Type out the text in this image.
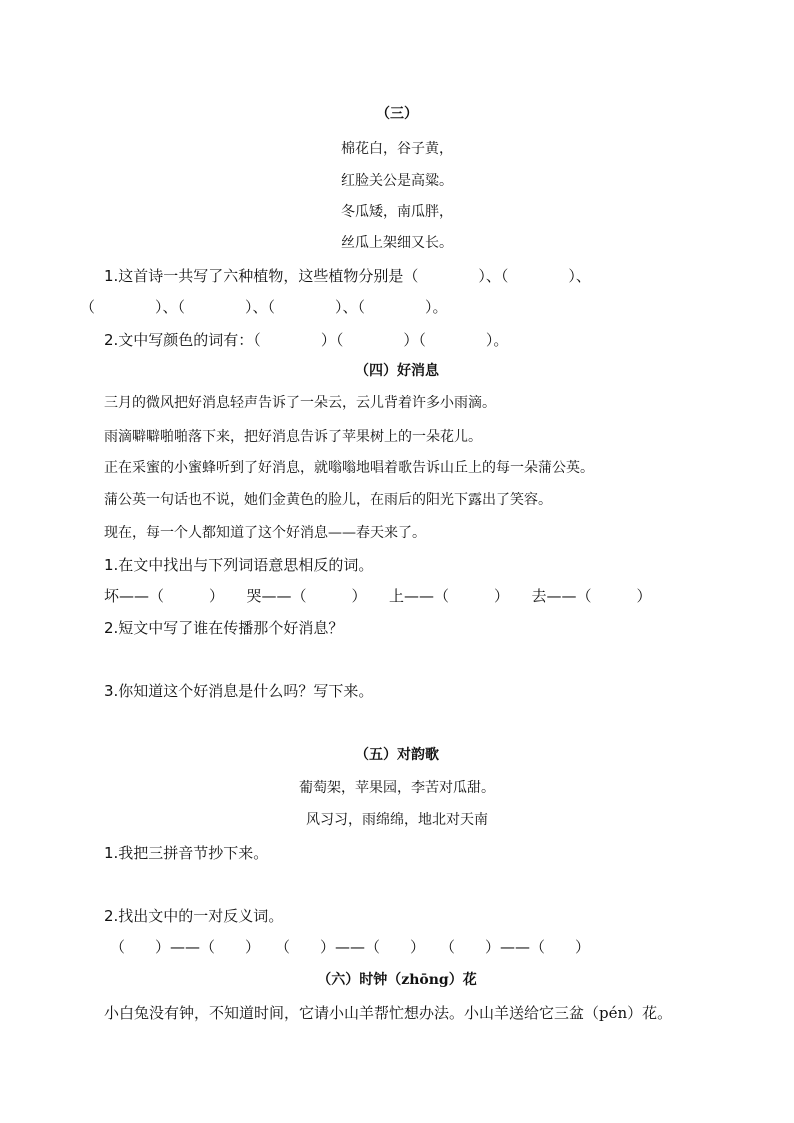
（三）
棉花白，谷子黄，
红脸关公是高粱。
冬瓜矮，南瓜胖，
丝瓜上架细又长。
1.这首诗一共写了六种植物，这些植物分别是（　　　　）、（　　　　）、
（　　　　）、（　　　　）、（　　　　）、（　　　　）。
2.文中写颜色的词有：（　　　　）（　　　　）（　　　　）。
（四）好消息
三月的微风把好消息轻声告诉了一朵云，云儿背着许多小雨滴。
雨滴噼噼啪啪落下来，把好消息告诉了苹果树上的一朵花儿。
正在采蜜的小蜜蜂听到了好消息，就嗡嗡地唱着歌告诉山丘上的每一朵蒲公英。
蒲公英一句话也不说，她们金黄色的脸儿，在雨后的阳光下露出了笑容。
现在，每一个人都知道了这个好消息——春天来了。
1.在文中找出与下列词语意思相反的词。
坏——（　　　）　　哭——（　　　）　　上——（　　　）　　去——（　　　）
2.短文中写了谁在传播那个好消息？
3.你知道这个好消息是什么吗？写下来。
（五）对韵歌
葡萄架，苹果园，李苦对瓜甜。
风习习，雨绵绵，地北对天南
1.我把三拼音节抄下来。
2.找出文中的一对反义词。
（　　）——（　　）　　（　　）——（　　）　　（　　）——（　　）
（六）时钟（zhōng）花
小白兔没有钟，不知道时间，它请小山羊帮忙想办法。小山羊送给它三盆（pén）花。
